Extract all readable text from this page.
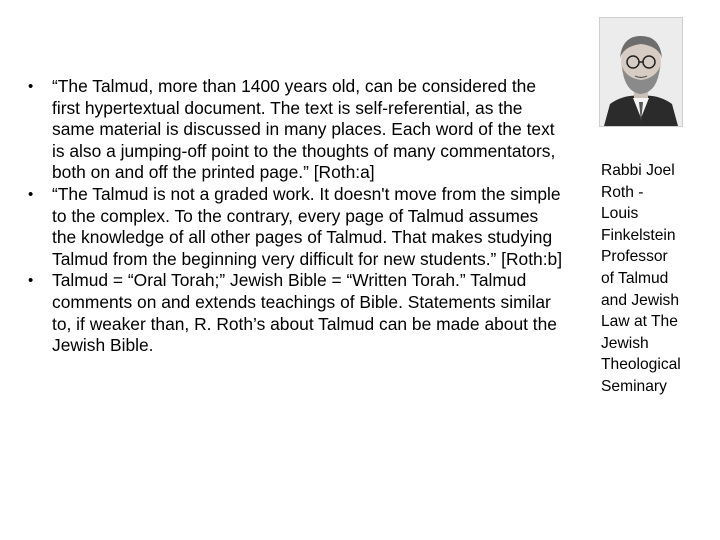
• “The Talmud, more than 1400 years old, can be considered the first hypertextual document. The text is self-referential, as the same material is discussed in many places. Each word of the text is also a jumping-off point to the thoughts of many commentators, both on and off the printed page.” [Roth:a]
• “The Talmud is not a graded work. It doesn't move from the simple to the complex. To the contrary, every page of Talmud assumes the knowledge of all other pages of Talmud. That makes studying Talmud from the beginning very difficult for new students.” [Roth:b]
• Talmud = “Oral Torah;” Jewish Bible = “Written Torah.” Talmud comments on and extends teachings of Bible. Statements similar to, if weaker than, R. Roth’s about Talmud can be made about the Jewish Bible.
Rabbi Joel
Roth -
Louis
Finkelstein
Professor
of Talmud
and Jewish
Law at The
Jewish
Theological
Seminary
